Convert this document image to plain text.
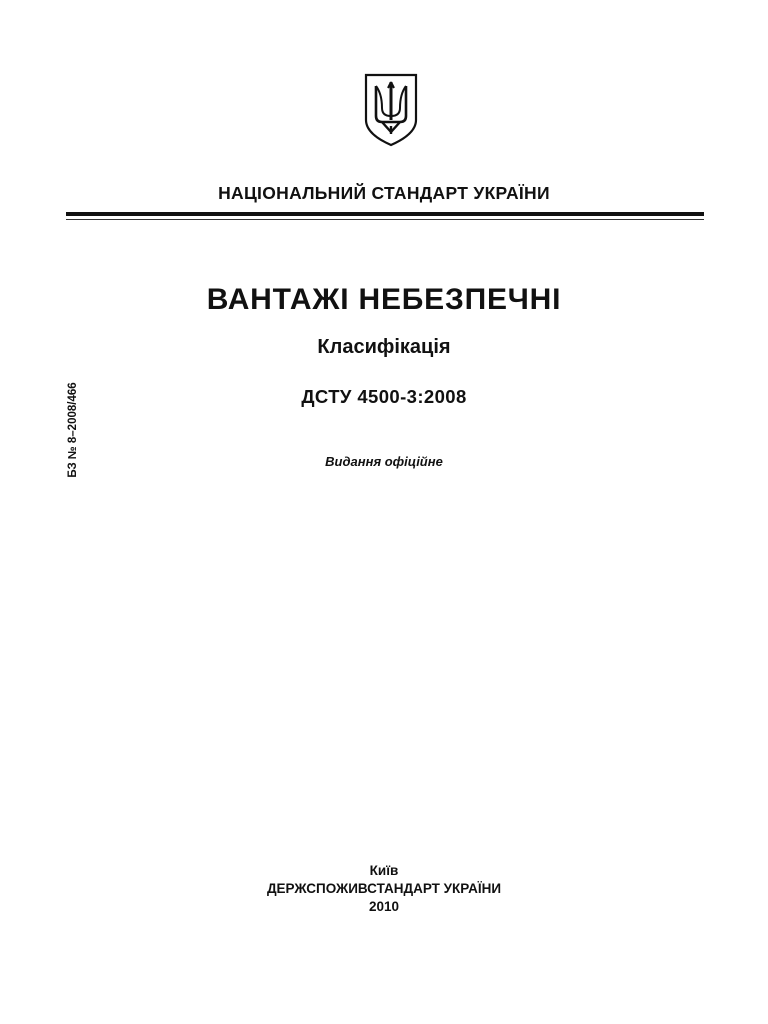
НАЦІОНАЛЬНИЙ СТАНДАРТ УКРАЇНИ
ВАНТАЖІ НЕБЕЗПЕЧНІ
Класифікація
ДСТУ 4500-3:2008
Видання офіційне
БЗ № 8–2008/466
Київ
ДЕРЖСПОЖИВСТАНДАРТ УКРАЇНИ
2010
